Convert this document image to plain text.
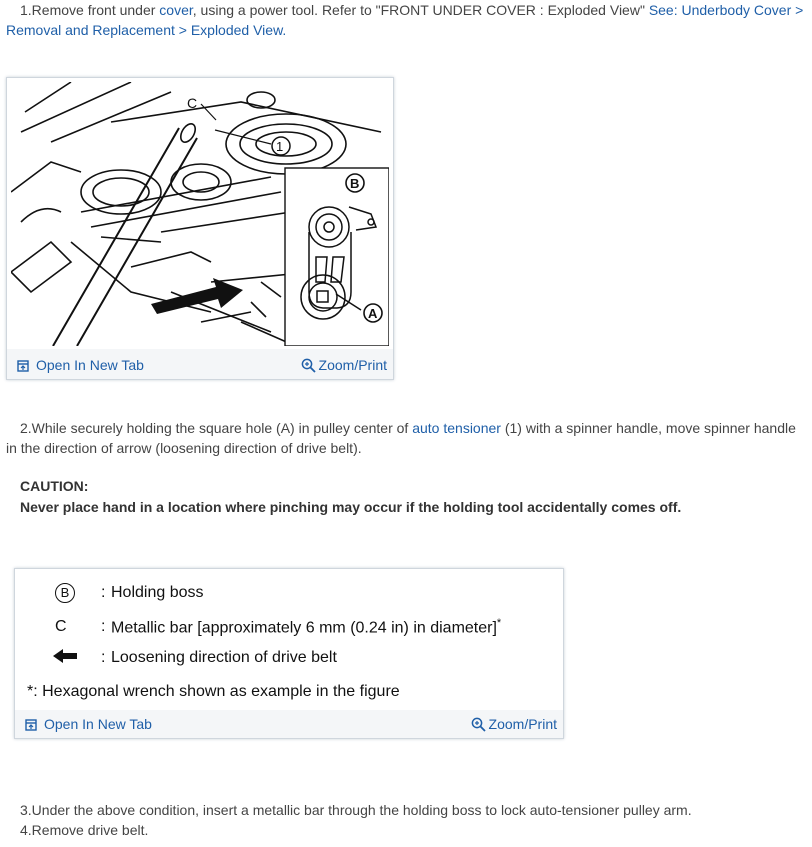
1.Remove front under cover, using a power tool. Refer to "FRONT UNDER COVER : Exploded View" See: Underbody Cover > Removal and Replacement > Exploded View.
C
1
B
A
Open In New Tab	Zoom/Print
2.While securely holding the square hole (A) in pulley center of auto tensioner (1) with a spinner handle, move spinner handle in the direction of arrow (loosening direction of drive belt).
CAUTION:
Never place hand in a location where pinching may occur if the holding tool accidentally comes off.
B	: Holding boss
C	: Metallic bar [approximately 6 mm (0.24 in) in diameter]*
: Loosening direction of drive belt
*: Hexagonal wrench shown as example in the figure
Open In New Tab	Zoom/Print
3.Under the above condition, insert a metallic bar through the holding boss to lock auto-tensioner pulley arm.
4.Remove drive belt.
